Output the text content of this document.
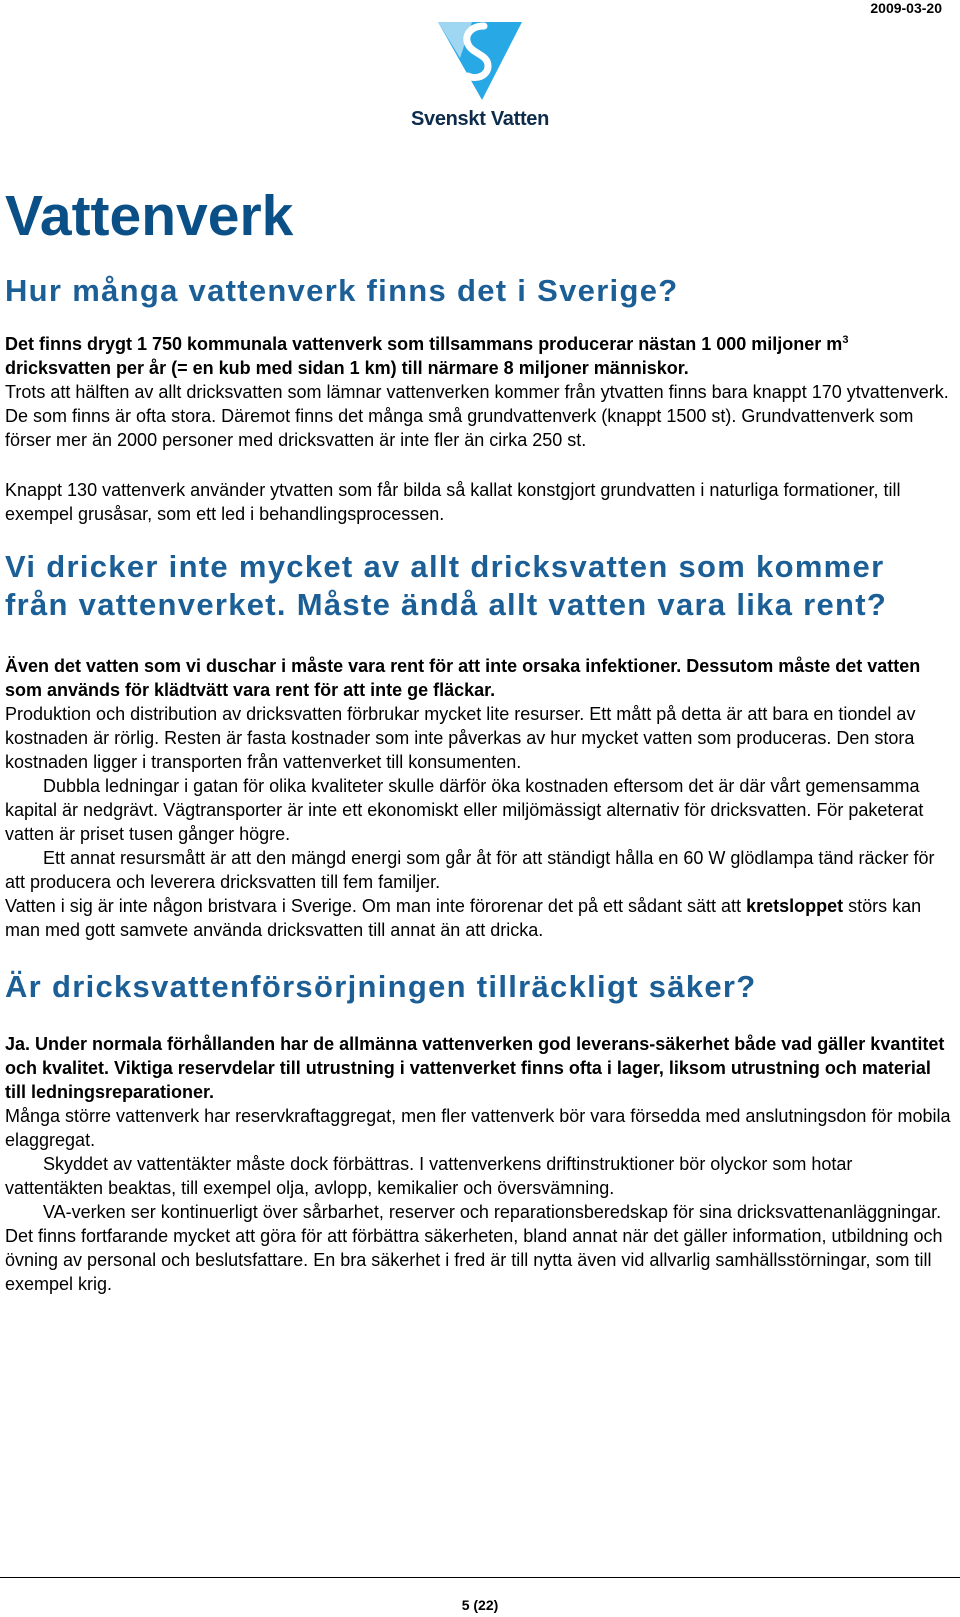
2009-03-20
Svenskt Vatten
Vattenverk
Hur många vattenverk finns det i Sverige?

Det finns drygt 1 750 kommunala vattenverk som tillsammans producerar nästan 1 000 miljoner $m^3$ dricksvatten per år (= en kub med sidan 1 km) till närmare 8 miljoner människor.

Trots att hälften av allt dricksvatten som lämnar vattenverken kommer från ytvatten finns bara knappt 170 ytvattenverk. De som finns är ofta stora. Däremot finns det många små grundvattenverk (knappt 1500 st). Grundvattenverk som förser mer än 2000 personer med dricksvatten är inte fler än cirka 250 st.

Knappt 130 vattenverk använder ytvatten som får bilda så kallat konstgjort grundvatten i naturliga formationer, till exempel grusåsar, som ett led i behandlingsprocessen.

Vi dricker inte mycket av allt dricksvatten som kommer från vattenverket. Måste ändå allt vatten vara lika rent?

Även det vatten som vi duschar i måste vara rent för att inte orsaka infektioner. Dessutom måste det vatten som används för klädtvätt vara rent för att inte ge fläckar.

Produktion och distribution av dricksvatten förbrukar mycket lite resurser. Ett mått på detta är att bara en tiondel av kostnaden är rörlig. Resten är fasta kostnader som inte påverkas av hur mycket vatten som produceras. Den stora kostnaden ligger i transporten från vattenverket till konsumenten.

Dubbla ledningar i gatan för olika kvaliteter skulle därför öka kostnaden eftersom det är där vårt gemensamma kapital är nedgrävt. Vägtransporter är inte ett ekonomiskt eller miljömässigt alternativ för dricksvatten. För paketerat vatten är priset tusen gånger högre.

Ett annat resursmått är att den mängd energi som går åt för att ständigt hålla en 60 W glödlampa tänd räcker för att producera och leverera dricksvatten till fem familjer.

Vatten i sig är inte någon bristvara i Sverige. Om man inte förorenar det på ett sådant sätt att kretsloppet störs kan man med gott samvete använda dricksvatten till annat än att dricka.

Är dricksvattenförsörjningen tillräckligt säker?

Ja. Under normala förhållanden har de allmänna vattenverken god leverans-säkerhet både vad gäller kvantitet och kvalitet. Viktiga reservdelar till utrustning i vattenverket finns ofta i lager, liksom utrustning och material till ledningsreparationer.

Många större vattenverk har reservkraftaggregat, men fler vattenverk bör vara försedda med anslutningsdon för mobila elaggregat.

Skyddet av vattentäkter måste dock förbättras. I vattenverkens driftinstruktioner bör olyckor som hotar vattentäkten beaktas, till exempel olja, avlopp, kemikalier och översvämning.

VA-verken ser kontinuerligt över sårbarhet, reserver och reparationsberedskap för sina dricksvattenanläggningar. Det finns fortfarande mycket att göra för att förbättra säkerheten, bland annat när det gäller information, utbildning och övning av personal och beslutsfattare. En bra säkerhet i fred är till nytta även vid allvarlig samhällsstörningar, som till exempel krig.

5 (22)
